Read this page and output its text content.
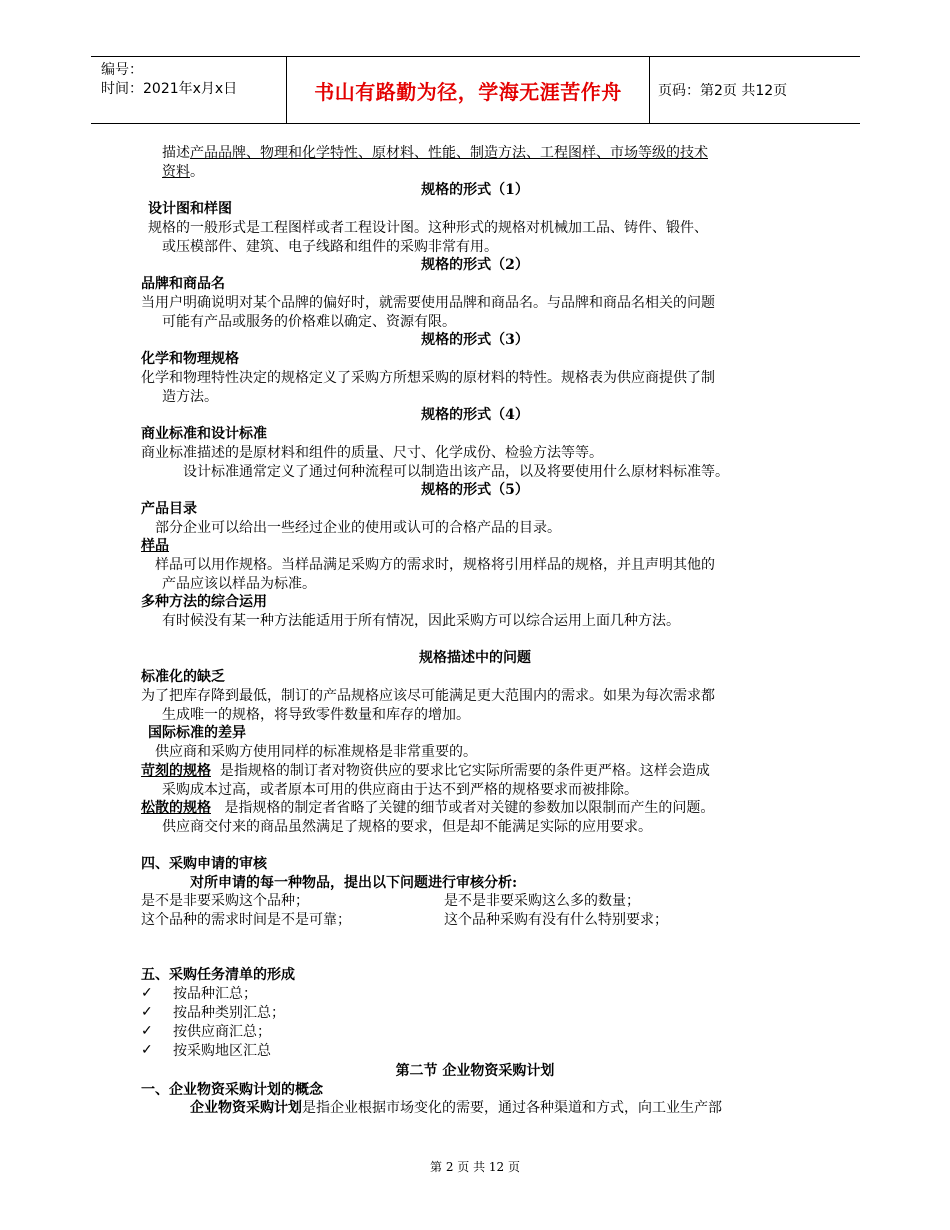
编号：
时间：2021年x月x日	书山有路勤为径，学海无涯苦作舟	页码：第2页 共12页
描述产品品牌、物理和化学特性、原材料、性能、制造方法、工程图样、市场等级的技术
资料。
规格的形式（1）
设计图和样图
规格的一般形式是工程图样或者工程设计图。这种形式的规格对机械加工品、铸件、锻件、
或压模部件、建筑、电子线路和组件的采购非常有用。
规格的形式（2）
品牌和商品名
当用户明确说明对某个品牌的偏好时，就需要使用品牌和商品名。与品牌和商品名相关的问题
可能有产品或服务的价格难以确定、资源有限。
规格的形式（3）
化学和物理规格
化学和物理特性决定的规格定义了采购方所想采购的原材料的特性。规格表为供应商提供了制
造方法。
规格的形式（4）
商业标准和设计标准
商业标准描述的是原材料和组件的质量、尺寸、化学成份、检验方法等等。
设计标准通常定义了通过何种流程可以制造出该产品，以及将要使用什么原材料标准等。
规格的形式（5）
产品目录
部分企业可以给出一些经过企业的使用或认可的合格产品的目录。
样品
样品可以用作规格。当样品满足采购方的需求时，规格将引用样品的规格，并且声明其他的
产品应该以样品为标准。
多种方法的综合运用
有时候没有某一种方法能适用于所有情况，因此采购方可以综合运用上面几种方法。
规格描述中的问题
标准化的缺乏
为了把库存降到最低，制订的产品规格应该尽可能满足更大范围内的需求。如果为每次需求都
生成唯一的规格，将导致零件数量和库存的增加。
国际标准的差异
供应商和采购方使用同样的标准规格是非常重要的。
苛刻的规格 是指规格的制订者对物资供应的要求比它实际所需要的条件更严格。这样会造成
采购成本过高，或者原本可用的供应商由于达不到严格的规格要求而被排除。
松散的规格 是指规格的制定者省略了关键的细节或者对关键的参数加以限制而产生的问题。
供应商交付来的商品虽然满足了规格的要求，但是却不能满足实际的应用要求。
四、采购申请的审核
对所申请的每一种物品，提出以下问题进行审核分析:
是不是非要采购这个品种；	是不是非要采购这么多的数量；
这个品种的需求时间是不是可靠；	这个品种采购有没有什么特别要求；
五、采购任务清单的形成
✓ 按品种汇总；
✓ 按品种类别汇总；
✓ 按供应商汇总；
✓ 按采购地区汇总
第二节 企业物资采购计划
一、企业物资采购计划的概念
企业物资采购计划是指企业根据市场变化的需要，通过各种渠道和方式，向工业生产部
第 2 页 共 12 页
